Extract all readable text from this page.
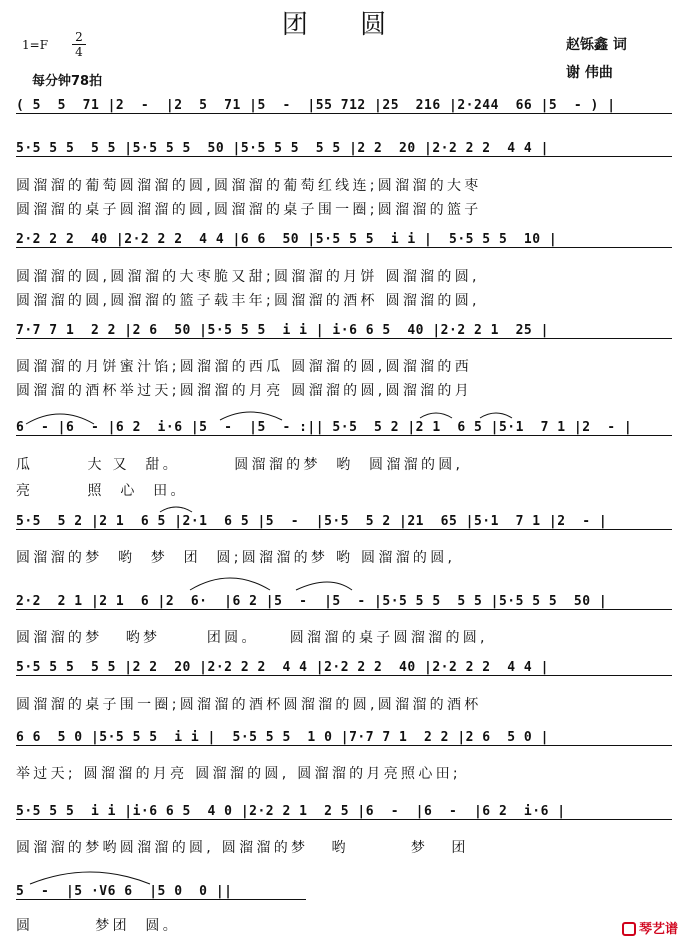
团 圆
$1=F \frac{2}{4}$
每分钟78拍
赵铄鑫 词
谢 伟曲
( 5  5  71 |2  -  |2  5  71 |5  -  |55 712 |25  216 |2·244  66 |5  - ) |
5·5 5 5  5 5 |5·5 5 5  50 |5·5 5 5  5 5 |2 2  20 |2·2 2 2  4 4 |
圆溜溜的葡萄圆溜溜的圆,圆溜溜的葡萄红线连;圆溜溜的大枣
圆溜溜的桌子圆溜溜的圆,圆溜溜的桌子围一圈;圆溜溜的篮子
2·2 2 2  40 |2·2 2 2  4 4 |6 6  50 |5·5 5 5  i i |  5·5 5 5  10 |
圆溜溜的圆,圆溜溜的大枣脆又甜;圆溜溜的月饼 圆溜溜的圆,
圆溜溜的圆,圆溜溜的篮子载丰年;圆溜溜的酒杯 圆溜溜的圆,
7·7 7 1  2 2 |2 6  50 |5·5 5 5  i i | i·6 6 5  40 |2·2 2 1  25 |
圆溜溜的月饼蜜汁馅;圆溜溜的西瓜 圆溜溜的圆,圆溜溜的西
圆溜溜的酒杯举过天;圆溜溜的月亮 圆溜溜的圆,圆溜溜的月
6  - |6  - |6 2  i·6 |5  -  |5  - :|| 5·5  5 2 |2 1  6 5 |5·1  7 1 |2  - |
瓜       大 又  甜。       圆溜溜的梦  哟  圆溜溜的圆,
亮       照  心  田。
5·5  5 2 |2 1  6 5 |2·1  6 5 |5  -  |5·5  5 2 |21  65 |5·1  7 1 |2  - |
圆溜溜的梦  哟  梦  团  圆;圆溜溜的梦 哟 圆溜溜的圆,
2·2  2 1 |2 1  6 |2  6·  |6 2 |5  -  |5  - |5·5 5 5  5 5 |5·5 5 5  50 |
圆溜溜的梦   哟梦      团圆。    圆溜溜的桌子圆溜溜的圆,
5·5 5 5  5 5 |2 2  20 |2·2 2 2  4 4 |2·2 2 2  40 |2·2 2 2  4 4 |
圆溜溜的桌子围一圈;圆溜溜的酒杯圆溜溜的圆,圆溜溜的酒杯
6 6  5 0 |5·5 5 5  i i |  5·5 5 5  1 0 |7·7 7 1  2 2 |2 6  5 0 |
举过天; 圆溜溜的月亮 圆溜溜的圆, 圆溜溜的月亮照心田;
5·5 5 5  i i |i·6 6 5  4 0 |2·2 2 1  2 5 |6  -  |6  -  |6 2  i·6 |
圆溜溜的梦哟圆溜溜的圆, 圆溜溜的梦   哟        梦   团
5  -  |5 ·V6 6  |5 0  0 ||
圆        梦团  圆。	琴艺谱
